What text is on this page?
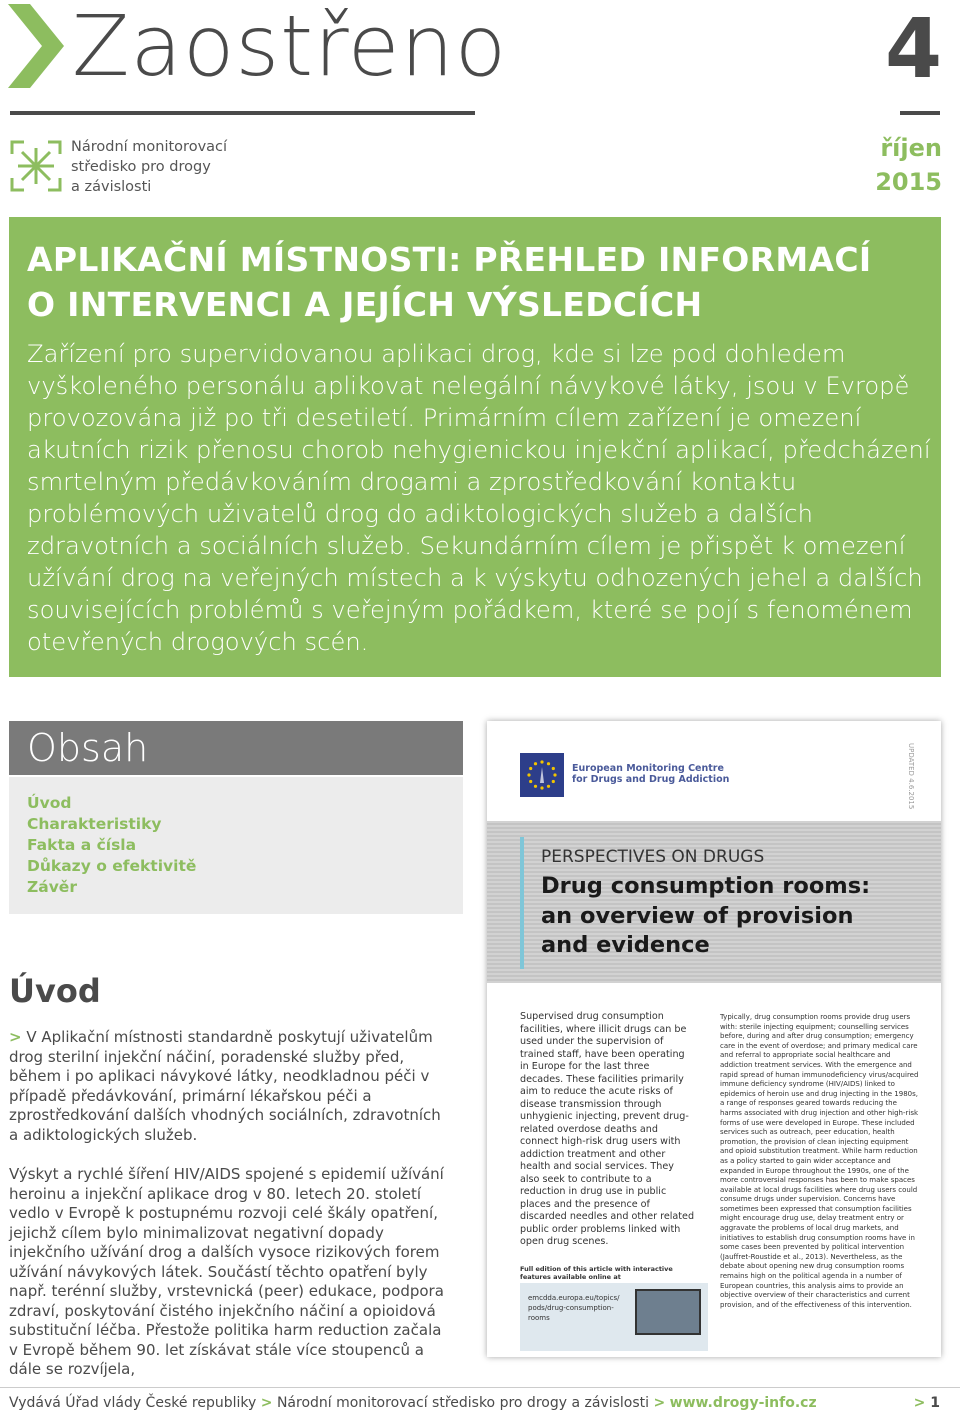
Zaostřeno	4
říjen
2015
Národní monitorovací
středisko pro drogy
a závislosti
APLIKAČNÍ MÍSTNOSTI: PŘEHLED INFORMACÍ
O INTERVENCI A JEJÍCH VÝSLEDCÍCH
Zařízení pro supervidovanou aplikaci drog, kde si lze pod dohledem vyškoleného personálu aplikovat nelegální návykové látky, jsou v Evropě provozována již po tři desetiletí. Primárním cílem zařízení je omezení akutních rizik přenosu chorob nehygienickou injekční aplikací, předcházení smrtelným předávkováním drogami a zprostředkování kontaktu problémových uživatelů drog do adiktologických služeb a dalších zdravotních a sociálních služeb. Sekundárním cílem je přispět k omezení užívání drog na veřejných místech a k výskytu odhozených jehel a dalších souvisejících problémů s veřejným pořádkem, které se pojí s fenoménem otevřených drogových scén.
Obsah
Úvod
Charakteristiky
Fakta a čísla
Důkazy o efektivitě
Závěr
Úvod
> V Aplikační místnosti standardně poskytují uživatelům drog sterilní injekční náčiní, poradenské služby před, během i po aplikaci návykové látky, neodkladnou péči v případě předávkování, primární lékařskou péči a zprostředkování dalších vhodných sociálních, zdravotních a adiktologických služeb.
Výskyt a rychlé šíření HIV/AIDS spojené s epidemií užívání heroinu a injekční aplikace drog v 80. letech 20. století vedlo v Evropě k postupnému rozvoji celé škály opatření, jejichž cílem bylo minimalizovat negativní dopady injekčního užívání drog a dalších vysoce rizikových forem užívání návykových látek. Součástí těchto opatření byly např. terénní služby, vrstevnická (peer) edukace, podpora zdraví, poskytování čistého injekčního náčiní a opioidová substituční léčba. Přestože politika harm reduction začala v Evropě během 90. let získávat stále více stoupenců a dále se rozvíjela,
European Monitoring Centre
for Drugs and Drug Addiction	UPDATED 4.6.2015
PERSPECTIVES ON DRUGS
Drug consumption rooms:
an overview of provision
and evidence
Supervised drug consumption facilities, where illicit drugs can be used under the supervision of trained staff, have been operating in Europe for the last three decades. These facilities primarily aim to reduce the acute risks of disease transmission through unhygienic injecting, prevent drug-related overdose deaths and connect high-risk drug users with addiction treatment and other health and social services. They also seek to contribute to a reduction in drug use in public places and the presence of discarded needles and other related public order problems linked with open drug scenes.
Typically, drug consumption rooms provide drug users with: sterile injecting equipment; counselling services before, during and after drug consumption; emergency care in the event of overdose; and primary medical care and referral to appropriate social healthcare and addiction treatment services. With the emergence and rapid spread of human immunodeficiency virus/acquired immune deficiency syndrome (HIV/AIDS) linked to epidemics of heroin use and drug injecting in the 1980s, a range of responses geared towards reducing the harms associated with drug injection and other high-risk forms of use were developed in Europe. These included services such as outreach, peer education, health promotion, the provision of clean injecting equipment and opioid substitution treatment. While harm reduction as a policy started to gain wider acceptance and expanded in Europe throughout the 1990s, one of the more controversial responses has been to make spaces available at local drugs facilities where drug users could consume drugs under supervision. Concerns have sometimes been expressed that consumption facilities might encourage drug use, delay treatment entry or aggravate the problems of local drug markets, and initiatives to establish drug consumption rooms have in some cases been prevented by political intervention (Jauffret-Roustide et al., 2013). Nevertheless, as the debate about opening new drug consumption rooms remains high on the political agenda in a number of European countries, this analysis aims to provide an objective overview of their characteristics and current provision, and of the effectiveness of this intervention.
Full edition of this article with interactive features available online at
emcdda.europa.eu/topics/ pods/drug-consumption-rooms
Vydává Úřad vlády České republiky > Národní monitorovací středisko pro drogy a závislosti > www.drogy-info.cz	> 1
